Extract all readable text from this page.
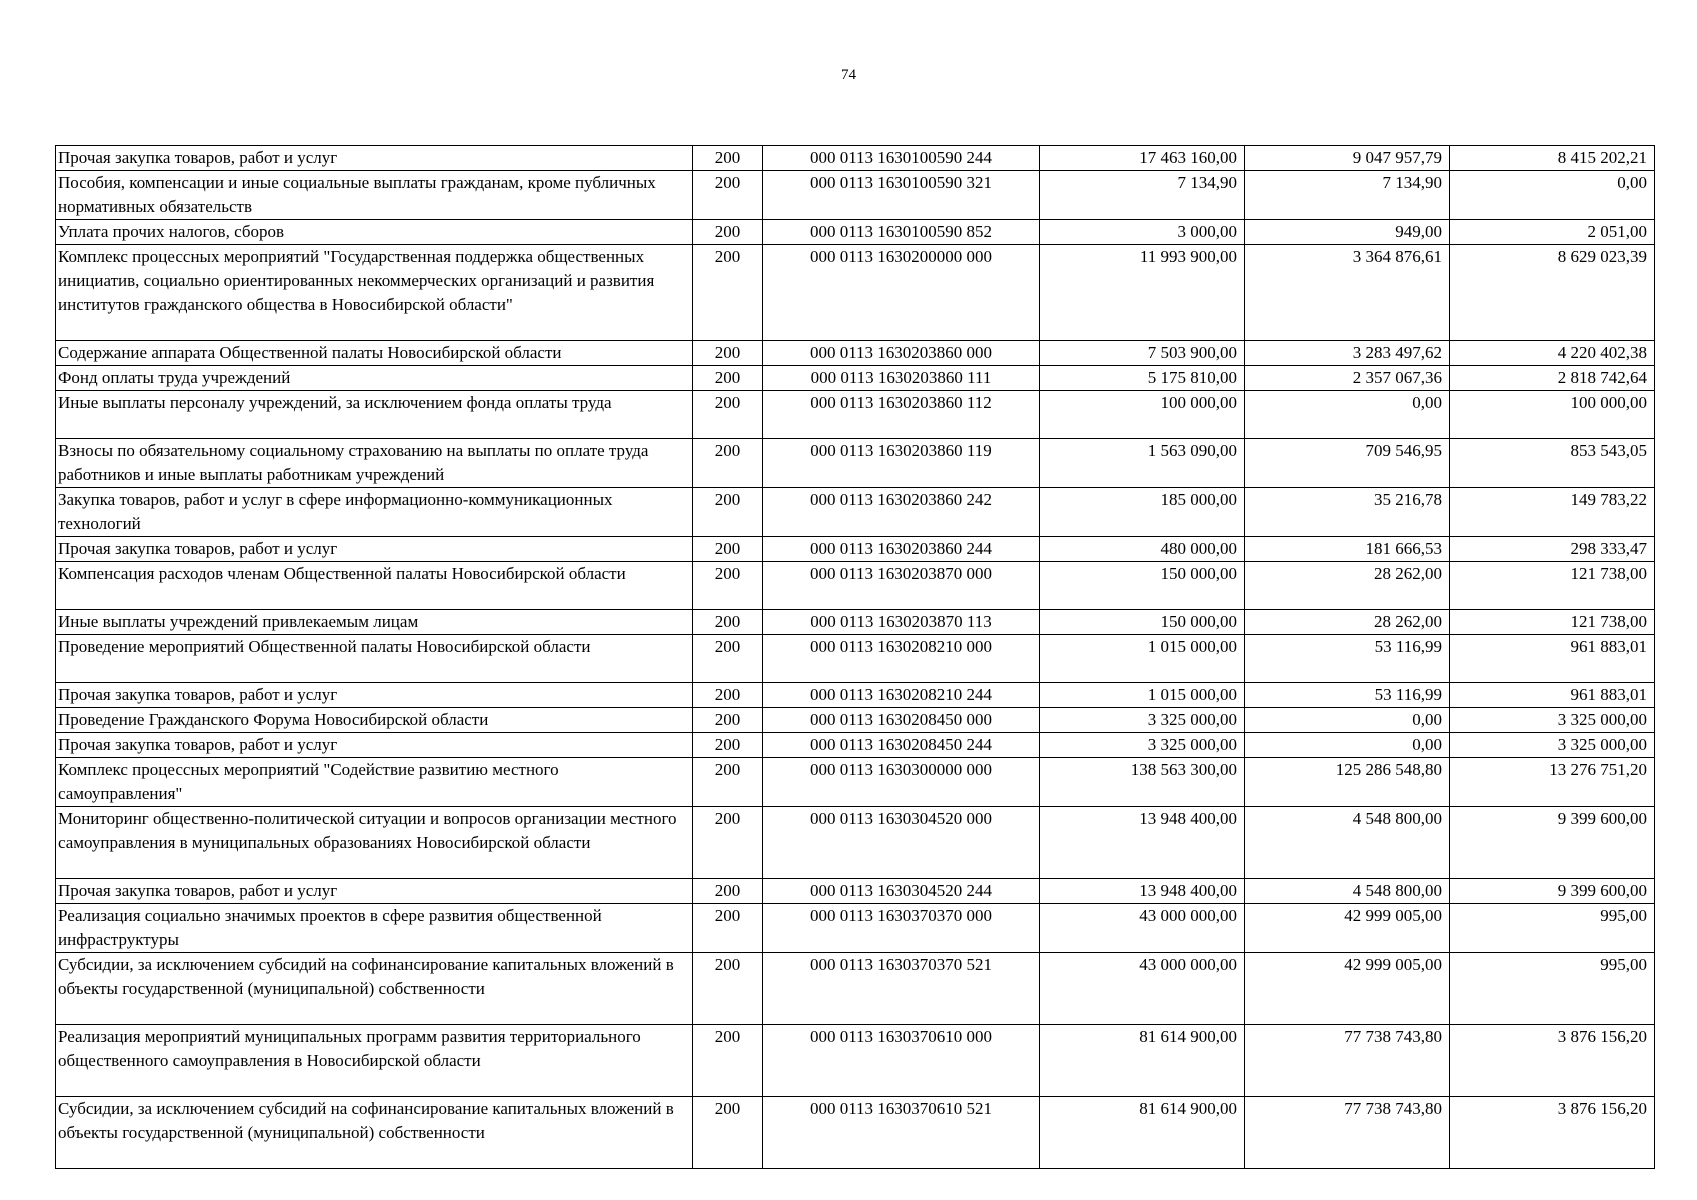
74
Прочая закупка товаров, работ и услуг	200	000 0113 1630100590 244	17 463 160,00	9 047 957,79	8 415 202,21
Пособия, компенсации и иные социальные выплаты гражданам, кроме публичных нормативных обязательств	200	000 0113 1630100590 321	7 134,90	7 134,90	0,00
Уплата прочих налогов, сборов	200	000 0113 1630100590 852	3 000,00	949,00	2 051,00
Комплекс процессных мероприятий "Государственная поддержка общественных инициатив, социально ориентированных некоммерческих организаций и развития институтов гражданского общества в Новосибирской области"	200	000 0113 1630200000 000	11 993 900,00	3 364 876,61	8 629 023,39
Содержание аппарата Общественной палаты Новосибирской области	200	000 0113 1630203860 000	7 503 900,00	3 283 497,62	4 220 402,38
Фонд оплаты труда учреждений	200	000 0113 1630203860 111	5 175 810,00	2 357 067,36	2 818 742,64
Иные выплаты персоналу учреждений, за исключением фонда оплаты труда	200	000 0113 1630203860 112	100 000,00	0,00	100 000,00
Взносы по обязательному социальному страхованию на выплаты по оплате труда работников и иные выплаты работникам учреждений	200	000 0113 1630203860 119	1 563 090,00	709 546,95	853 543,05
Закупка товаров, работ и услуг в сфере информационно-коммуникационных технологий	200	000 0113 1630203860 242	185 000,00	35 216,78	149 783,22
Прочая закупка товаров, работ и услуг	200	000 0113 1630203860 244	480 000,00	181 666,53	298 333,47
Компенсация расходов членам Общественной палаты Новосибирской области	200	000 0113 1630203870 000	150 000,00	28 262,00	121 738,00
Иные выплаты учреждений привлекаемым лицам	200	000 0113 1630203870 113	150 000,00	28 262,00	121 738,00
Проведение мероприятий Общественной палаты Новосибирской области	200	000 0113 1630208210 000	1 015 000,00	53 116,99	961 883,01
Прочая закупка товаров, работ и услуг	200	000 0113 1630208210 244	1 015 000,00	53 116,99	961 883,01
Проведение Гражданского Форума Новосибирской области	200	000 0113 1630208450 000	3 325 000,00	0,00	3 325 000,00
Прочая закупка товаров, работ и услуг	200	000 0113 1630208450 244	3 325 000,00	0,00	3 325 000,00
Комплекс процессных мероприятий "Содействие развитию местного самоуправления"	200	000 0113 1630300000 000	138 563 300,00	125 286 548,80	13 276 751,20
Мониторинг общественно-политической ситуации и вопросов организации местного самоуправления в муниципальных образованиях Новосибирской области	200	000 0113 1630304520 000	13 948 400,00	4 548 800,00	9 399 600,00
Прочая закупка товаров, работ и услуг	200	000 0113 1630304520 244	13 948 400,00	4 548 800,00	9 399 600,00
Реализация социально значимых проектов в сфере развития общественной инфраструктуры	200	000 0113 1630370370 000	43 000 000,00	42 999 005,00	995,00
Субсидии, за исключением субсидий на софинансирование капитальных вложений в объекты государственной (муниципальной) собственности	200	000 0113 1630370370 521	43 000 000,00	42 999 005,00	995,00
Реализация мероприятий муниципальных программ развития территориального общественного самоуправления в Новосибирской области	200	000 0113 1630370610 000	81 614 900,00	77 738 743,80	3 876 156,20
Субсидии, за исключением субсидий на софинансирование капитальных вложений в объекты государственной (муниципальной) собственности	200	000 0113 1630370610 521	81 614 900,00	77 738 743,80	3 876 156,20
